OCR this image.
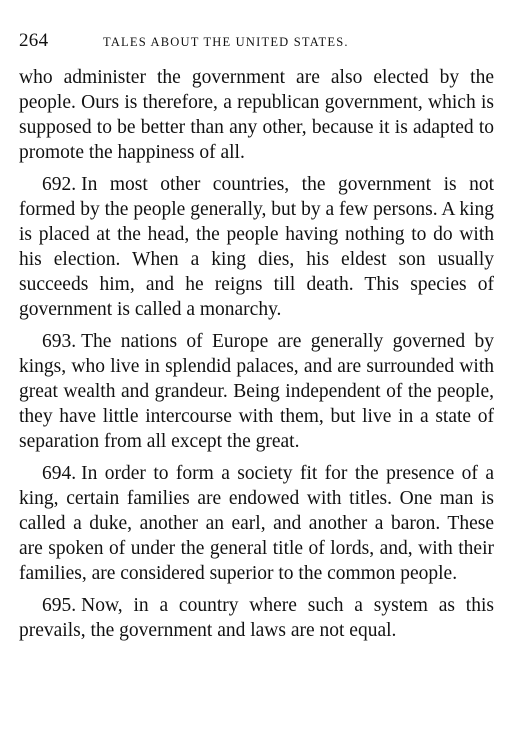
264	TALES ABOUT THE UNITED STATES.

who administer the government are also elected by the people. Ours is therefore, a republican government, which is supposed to be better than any other, because it is adapted to promote the happiness of all.

692. In most other countries, the government is not formed by the people generally, but by a few persons. A king is placed at the head, the people having nothing to do with his election. When a king dies, his eldest son usually succeeds him, and he reigns till death. This species of government is called a monarchy.

693. The nations of Europe are generally governed by kings, who live in splendid palaces, and are surrounded with great wealth and grandeur. Being independent of the people, they have little intercourse with them, but live in a state of separation from all except the great.

694. In order to form a society fit for the presence of a king, certain families are endowed with titles. One man is called a duke, another an earl, and another a baron. These are spoken of under the general title of lords, and, with their families, are considered superior to the common people.

695. Now, in a country where such a system as this prevails, the government and laws are not equal.
